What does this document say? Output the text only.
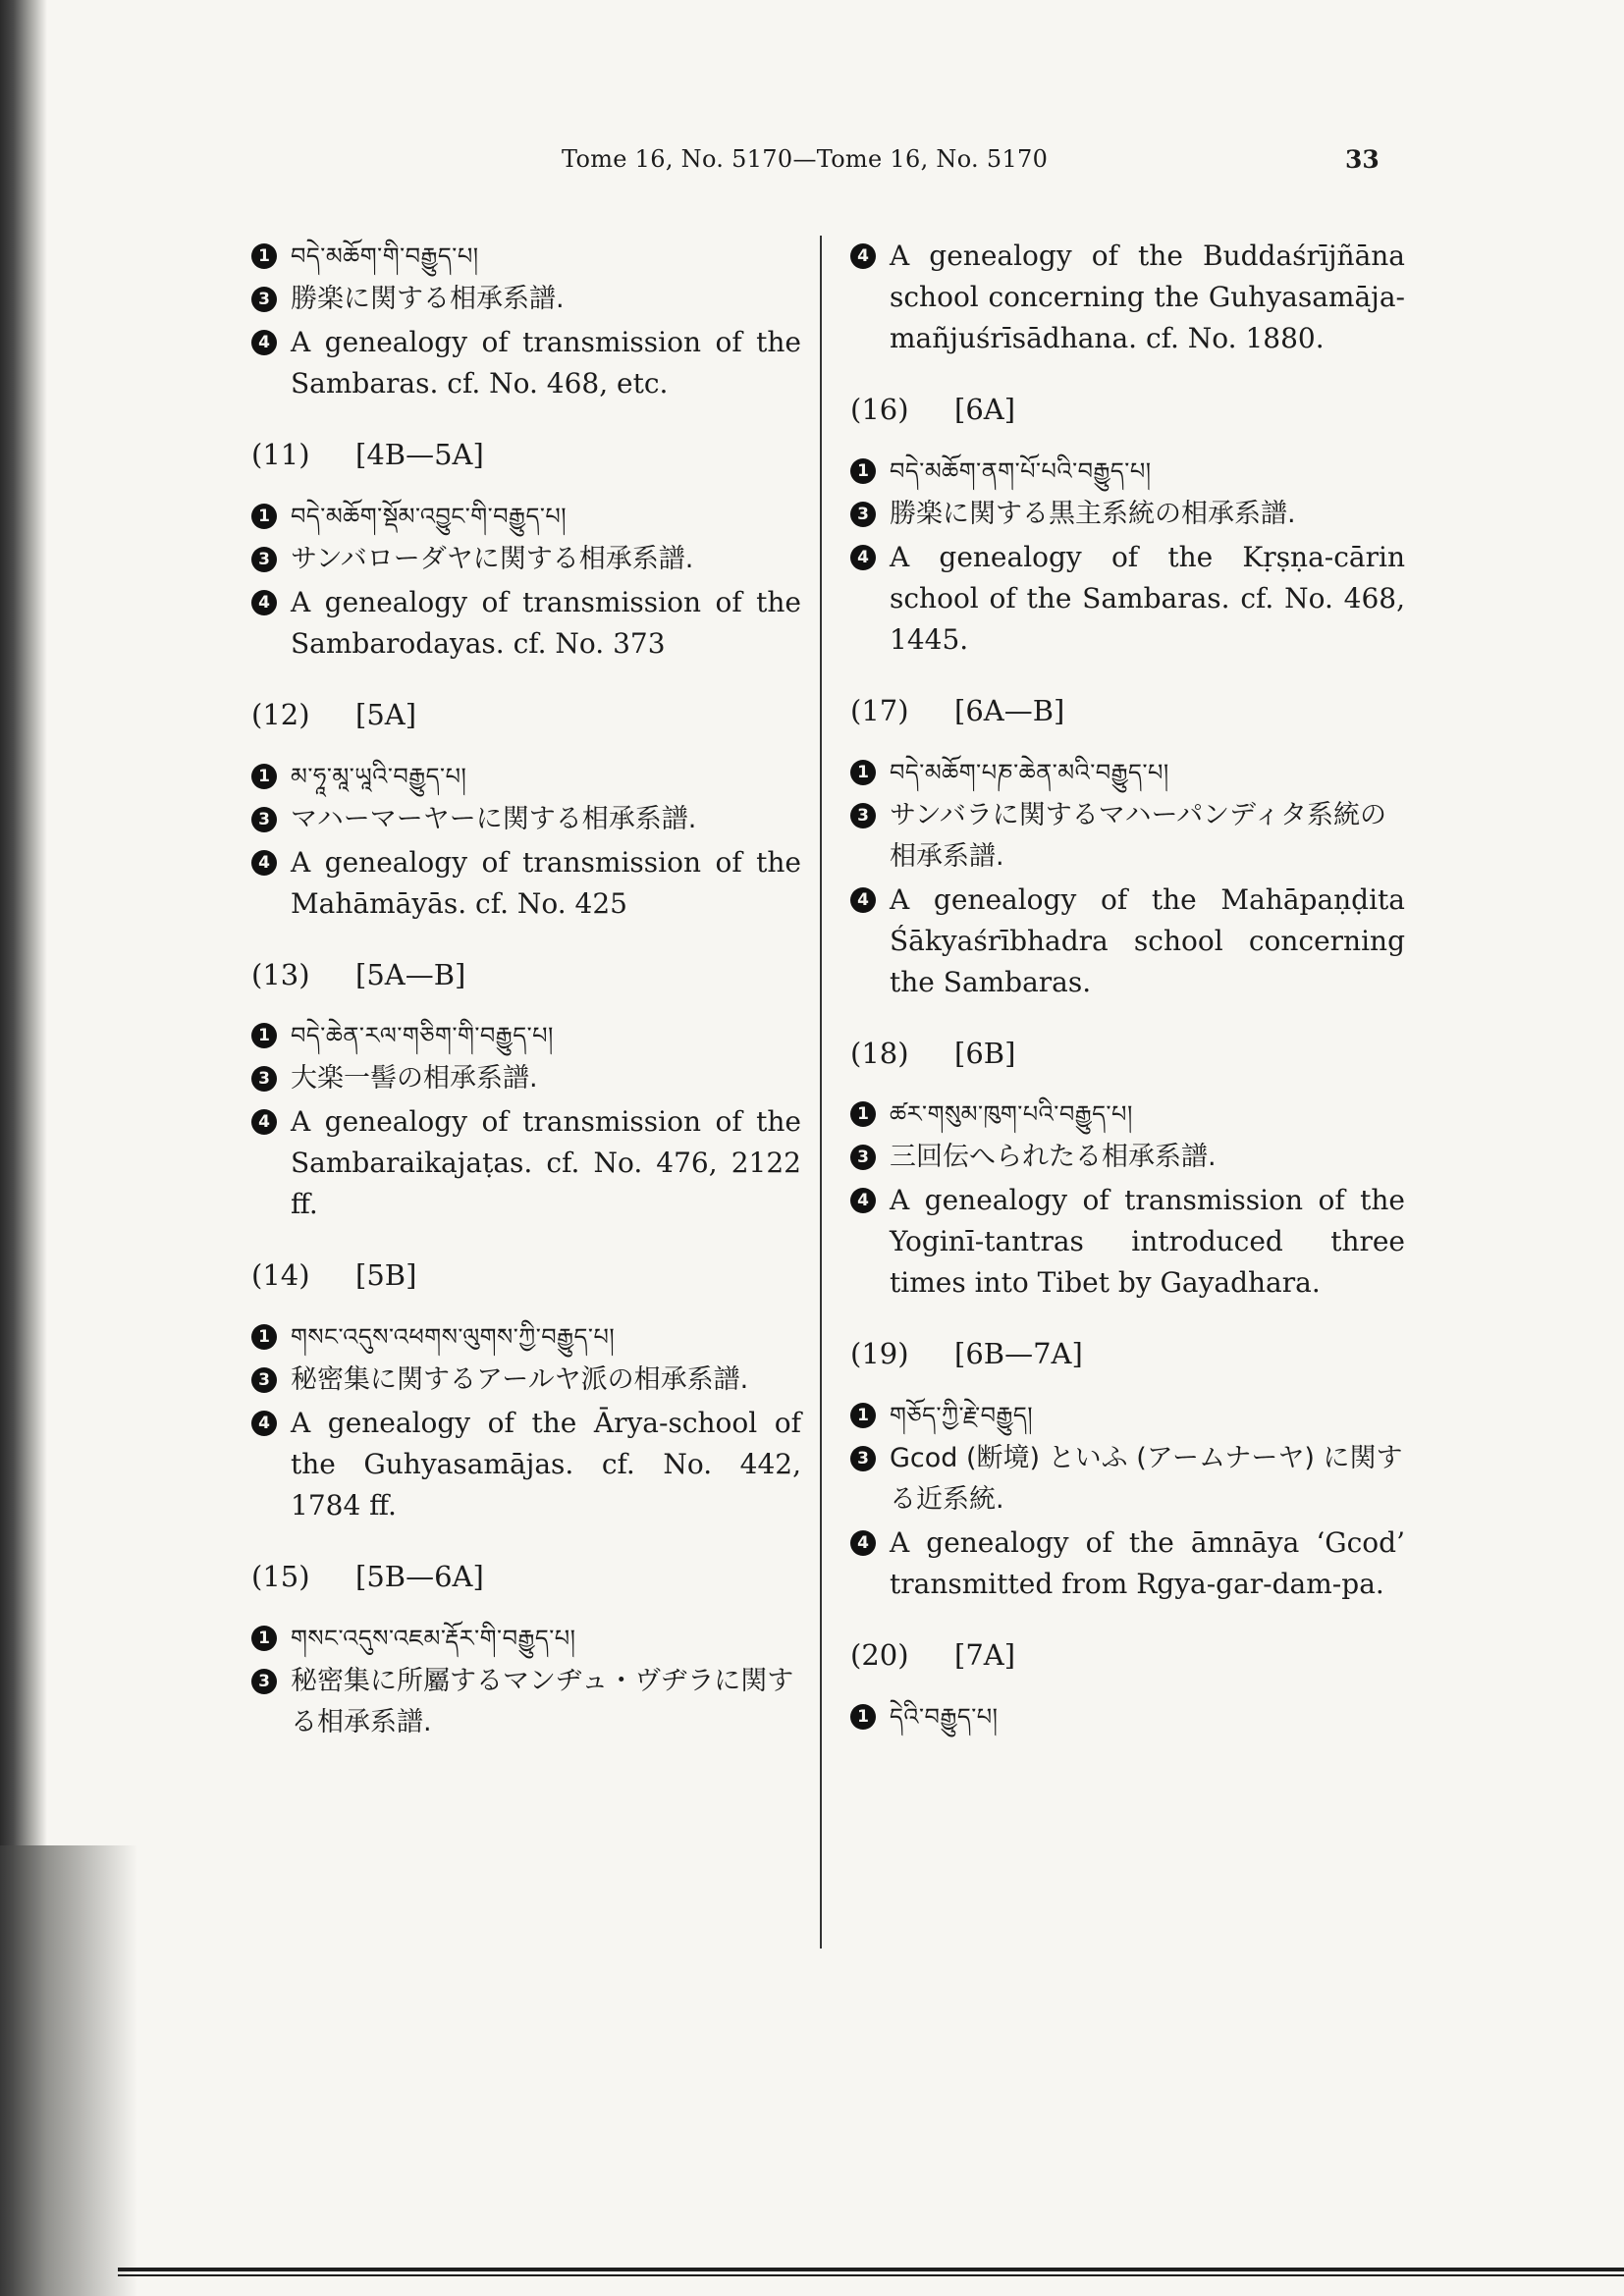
Tome 16, No. 5170—Tome 16, No. 5170	33
1 བདེ་མཆོག་གི་བརྒྱུད་པ།
3 勝楽に関する相承系譜.
4 A genealogy of transmission of the Sambaras. cf. No. 468, etc.
(11) [4B—5A]
1 བདེ་མཆོག་སྡོམ་འབྱུང་གི་བརྒྱུད་པ།
3 サンバローダヤに関する相承系譜.
4 A genealogy of transmission of the Sambarodayas. cf. No. 373
(12) [5A]
1 མ་ཧཱ་མཱ་ཡཱའི་བརྒྱུད་པ།
3 マハーマーヤーに関する相承系譜.
4 A genealogy of transmission of the Mahāmāyās. cf. No. 425
(13) [5A—B]
1 བདེ་ཆེན་རལ་གཅིག་གི་བརྒྱུད་པ།
3 大楽一髻の相承系譜.
4 A genealogy of transmission of the Sambaraikajaṭas. cf. No. 476, 2122 ff.
(14) [5B]
1 གསང་འདུས་འཕགས་ལུགས་ཀྱི་བརྒྱུད་པ།
3 秘密集に関するアールヤ派の相承系譜.
4 A genealogy of the Ārya-school of the Guhyasamājas. cf. No. 442, 1784 ff.
(15) [5B—6A]
1 གསང་འདུས་འཇམ་རྡོར་གི་བརྒྱུད་པ།
3 秘密集に所屬するマンヂュ・ヴヂラに関する相承系譜.
4 A genealogy of the Buddaśrījñāna school concerning the Guhyasamāja-mañjuśrīsādhana. cf. No. 1880.
(16) [6A]
1 བདེ་མཆོག་ནག་པོ་པའི་བརྒྱུད་པ།
3 勝楽に関する黒主系統の相承系譜.
4 A genealogy of the Kṛṣṇa-cārin school of the Sambaras. cf. No. 468, 1445.
(17) [6A—B]
1 བདེ་མཆོག་པཎ་ཆེན་མའི་བརྒྱུད་པ།
3 サンバラに関するマハーパンディタ系統の相承系譜.
4 A genealogy of the Mahāpaṇḍita Śākyaśrībhadra school concerning the Sambaras.
(18) [6B]
1 ཚར་གསུམ་ཁུག་པའི་བརྒྱུད་པ།
3 三回伝へられたる相承系譜.
4 A genealogy of transmission of the Yoginī-tantras introduced three times into Tibet by Gayadhara.
(19) [6B—7A]
1 གཅོད་ཀྱི་རྗེ་བརྒྱུད།
3 Gcod (断境) といふ (アームナーヤ) に関する近系統.
4 A genealogy of the āmnāya ‘Gcod’ transmitted from Rgya-gar-dam-pa.
(20) [7A]
1 དེའི་བརྒྱུད་པ།
